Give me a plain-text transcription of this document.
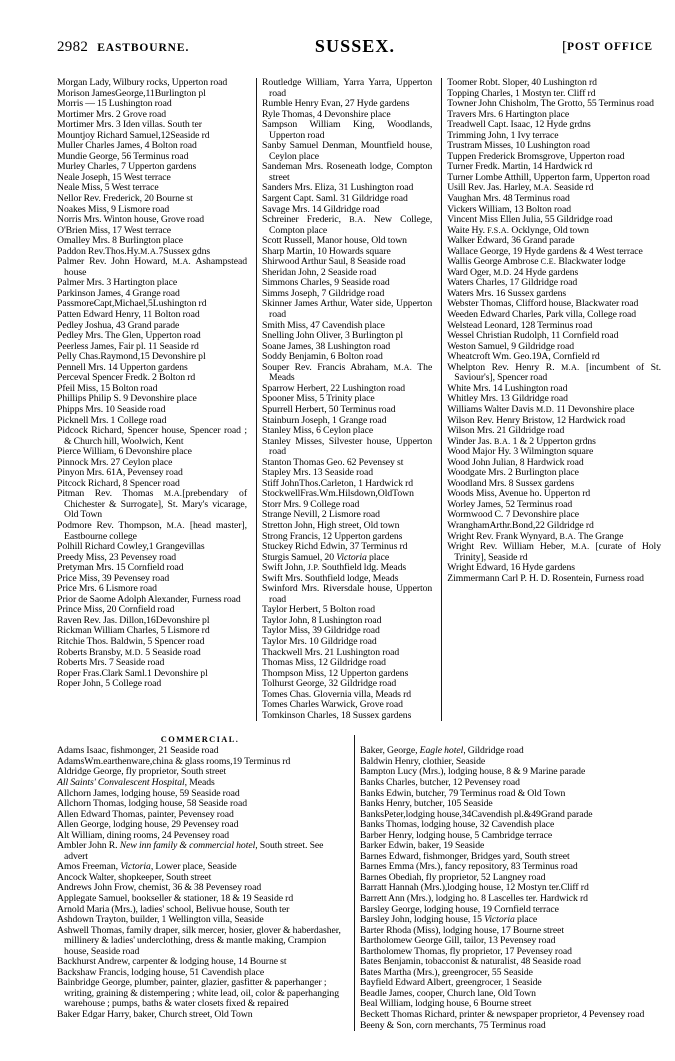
2982 EASTBOURNE.	SUSSEX.	[POST OFFICE
Morgan Lady, Wilbury rocks, Upperton road
Morison JamesGeorge,11Burlington pl
Morris — 15 Lushington road
Mortimer Mrs. 2 Grove road
Mortimer Mrs. 3 Iden villas. South ter
Mountjoy Richard Samuel,12Seaside rd
Muller Charles James, 4 Bolton road
Mundie George, 56 Terminus road
Murley Charles, 7 Upperton gardens
Neale Joseph, 15 West terrace
Neale Miss, 5 West terrace
Nellor Rev. Frederick, 20 Bourne st
Noakes Miss, 9 Lismore road
Norris Mrs. Winton house, Grove road
O'Brien Miss, 17 West terrace
Omalley Mrs. 8 Burlington place
Paddon Rev.Thos.Hy.M.A.7Sussex gdns
Palmer Rev. John Howard, M.A. Ashampstead house
Palmer Mrs. 3 Hartington place
Parkinson James, 4 Grange road
PassmoreCapt,Michael,5Lushington rd
Patten Edward Henry, 11 Bolton road
Pedley Joshua, 43 Grand parade
Pedley Mrs. The Glen, Upperton road
Peerless James, Fair pl. 11 Seaside rd
Pelly Chas.Raymond,15 Devonshire pl
Pennell Mrs. 14 Upperton gardens
Perceval Spencer Fredk. 2 Bolton rd
Pfeil Miss, 15 Bolton road
Phillips Philip S. 9 Devonshire place
Phipps Mrs. 10 Seaside road
Picknell Mrs. 1 College road
Pidcock Richard, Spencer house, Spencer road ; & Church hill, Woolwich, Kent
Pierce William, 6 Devonshire place
Pinnock Mrs. 27 Ceylon place
Pinyon Mrs. 61A, Pevensey road
Pitcock Richard, 8 Spencer road
Pitman Rev. Thomas M.A.[prebendary of Chichester & Surrogate], St. Mary's vicarage, Old Town
Podmore Rev. Thompson, M.A. [head master], Eastbourne college
Polhill Richard Cowley,1 Grangevillas
Preedy Miss, 23 Pevensey road
Pretyman Mrs. 15 Cornfield road
Price Miss, 39 Pevensey road
Price Mrs. 6 Lismore road
Prior de Saome Adolph Alexander, Furness road
Prince Miss, 20 Cornfield road
Raven Rev. Jas. Dillon,16Devonshire pl
Rickman William Charles, 5 Lismore rd
Ritchie Thos. Baldwin, 5 Spencer road
Roberts Bransby, M.D. 5 Seaside road
Roberts Mrs. 7 Seaside road
Roper Fras.Clark Saml.1 Devonshire pl
Roper John, 5 College road
Routledge William, Yarra Yarra, Upperton road
Rumble Henry Evan, 27 Hyde gardens
Ryle Thomas, 4 Devonshire place
Sampson William King, Woodlands, Upperton road
Sanby Samuel Denman, Mountfield house, Ceylon place
Sandeman Mrs. Roseneath lodge, Compton street
Sanders Mrs. Eliza, 31 Lushington road
Sargent Capt. Saml. 31 Gildridge road
Savage Mrs. 14 Gildridge road
Schreiner Frederic, B.A. New College, Compton place
Scott Russell, Manor house, Old town
Sharp Martin, 10 Howards square
Shirwood Arthur Saul, 8 Seaside road
Sheridan John, 2 Seaside road
Simmons Charles, 9 Seaside road
Simms Joseph, 7 Gildridge road
Skinner James Arthur, Water side, Upperton road
Smith Miss, 47 Cavendish place
Snelling John Oliver, 3 Burlington pl
Soane James, 38 Lushington road
Soddy Benjamin, 6 Bolton road
Souper Rev. Francis Abraham, M.A. The Meads
Sparrow Herbert, 22 Lushington road
Spooner Miss, 5 Trinity place
Spurrell Herbert, 50 Terminus road
Stainburn Joseph, 1 Grange road
Stanley Miss, 6 Ceylon place
Stanley Misses, Silvester house, Upperton road
Stanton Thomas Geo. 62 Pevensey st
Stapley Mrs. 13 Seaside road
Stiff JohnThos.Carleton, 1 Hardwick rd
StockwellFras.Wm.Hilsdown,OldTown
Storr Mrs. 9 College road
Strange Nevill, 2 Lismore road
Stretton John, High street, Old town
Strong Francis, 12 Upperton gardens
Stuckey Richd Edwin, 37 Terminus rd
Sturgis Samuel, 20 Victoria place
Swift John, J.P. Southfield ldg. Meads
Swift Mrs. Southfield lodge, Meads
Swinford Mrs. Riversdale house, Upperton road
Taylor Herbert, 5 Bolton road
Taylor John, 8 Lushington road
Taylor Miss, 39 Gildridge road
Taylor Mrs. 10 Gildridge road
Thackwell Mrs. 21 Lushington road
Thomas Miss, 12 Gildridge road
Thompson Miss, 12 Upperton gardens
Tolhurst George, 32 Gildridge road
Tomes Chas. Glovernia villa, Meads rd
Tomes Charles Warwick, Grove road
Tomkinson Charles, 18 Sussex gardens
Toomer Robt. Sloper, 40 Lushington rd
Topping Charles, 1 Mostyn ter. Cliff rd
Towner John Chisholm, The Grotto, 55 Terminus road
Travers Mrs. 6 Hartington place
Treadwell Capt. Isaac, 12 Hyde grdns
Trimming John, 1 Ivy terrace
Trustram Misses, 10 Lushington road
Tuppen Frederick Bromsgrove, Upperton road
Turner Fredk. Martin, 14 Hardwick rd
Turner Lombe Atthill, Upperton farm, Upperton road
Usill Rev. Jas. Harley, M.A. Seaside rd
Vaughan Mrs. 48 Terminus road
Vickers William, 13 Bolton road
Vincent Miss Ellen Julia, 55 Gildridge road
Waite Hy. F.S.A. Ocklynge, Old town
Walker Edward, 36 Grand parade
Wallace George, 19 Hyde gardens & 4 West terrace
Wallis George Ambrose C.E. Blackwater lodge
Ward Oger, M.D. 24 Hyde gardens
Waters Charles, 17 Gildridge road
Waters Mrs. 16 Sussex gardens
Webster Thomas, Clifford house, Blackwater road
Weeden Edward Charles, Park villa, College road
Welstead Leonard, 128 Terminus road
Wessel Christian Rudolph, 11 Cornfield road
Weston Samuel, 9 Gildridge road
Wheatcroft Wm. Geo.19A, Cornfield rd
Whelpton Rev. Henry R. M.A. [incumbent of St. Saviour's], Spencer road
White Mrs. 14 Lushington road
Whitley Mrs. 13 Gildridge road
Williams Walter Davis M.D. 11 Devonshire place
Wilson Rev. Henry Bristow, 12 Hardwick road
Wilson Mrs. 21 Gildridge road
Winder Jas. B.A. 1 & 2 Upperton grdns
Wood Major Hy. 3 Wilmington square
Wood John Julian, 8 Hardwick road
Woodgate Mrs. 2 Burlington place
Woodland Mrs. 8 Sussex gardens
Woods Miss, Avenue ho. Upperton rd
Worley James, 52 Terminus road
Wormwood C. 7 Devonshire place
WranghamArthr.Bond,22 Gildridge rd
Wright Rev. Frank Wynyard, B.A. The Grange
Wright Rev. William Heber, M.A. [curate of Holy Trinity], Seaside rd
Wright Edward, 16 Hyde gardens
Zimmermann Carl P. H. D. Rosentein, Furness road
COMMERCIAL.
Adams Isaac, fishmonger, 21 Seaside road
AdamsWm.earthenware,china & glass rooms,19 Terminus rd
Aldridge George, fly proprietor, South street
All Saints' Convalescent Hospital, Meads
Allchorn James, lodging house, 59 Seaside road
Allchorn Thomas, lodging house, 58 Seaside road
Allen Edward Thomas, painter, Pevensey road
Allen George, lodging house, 29 Pevensey road
Alt William, dining rooms, 24 Pevensey road
Ambler John R. New inn family & commercial hotel, South street. See advert
Amos Freeman, Victoria, Lower place, Seaside
Ancock Walter, shopkeeper, South street
Andrews John Frow, chemist, 36 & 38 Pevensey road
Applegate Samuel, bookseller & stationer, 18 & 19 Seaside rd
Arnold Maria (Mrs.), ladies' school, Belivue house, South ter
Ashdown Trayton, builder, 1 Wellington villa, Seaside
Ashwell Thomas, family draper, silk mercer, hosier, glover & haberdasher, millinery & ladies' underclothing, dress & mantle making, Crampion house, Seaside road
Backhurst Andrew, carpenter & lodging house, 14 Bourne st
Backshaw Francis, lodging house, 51 Cavendish place
Bainbridge George, plumber, painter, glazier, gasfitter & paperhanger ; writing, graining & distempering ; white lead, oil, color & paperhanging warehouse ; pumps, baths & water closets fixed & repaired
Baker Edgar Harry, baker, Church street, Old Town
Baker, George, Eagle hotel, Gildridge road
Baldwin Henry, clothier, Seaside
Bampton Lucy (Mrs.), lodging house, 8 & 9 Marine parade
Banks Charles, butcher, 12 Pevensey road
Banks Edwin, butcher, 79 Terminus road & Old Town
Banks Henry, butcher, 105 Seaside
BanksPeter,lodging house,34Cavendish pl.&49Grand parade
Banks Thomas, lodging house, 32 Cavendish place
Barber Henry, lodging house, 5 Cambridge terrace
Barker Edwin, baker, 19 Seaside
Barnes Edward, fishmonger, Bridges yard, South street
Barnes Emma (Mrs.), fancy repository, 83 Terminus road
Barnes Obediah, fly proprietor, 52 Langney road
Barratt Hannah (Mrs.),lodging house, 12 Mostyn ter.Cliff rd
Barrett Ann (Mrs.), lodging ho. 8 Lascelles ter. Hardwick rd
Barsley George, lodging house, 19 Cornfield terrace
Barsley John, lodging house, 15 Victoria place
Barter Rhoda (Miss), lodging house, 17 Bourne street
Bartholomew George Gill, tailor, 13 Pevensey road
Bartholomew Thomas, fly proprietor, 17 Pevensey road
Bates Benjamin, tobacconist & naturalist, 48 Seaside road
Bates Martha (Mrs.), greengrocer, 55 Seaside
Bayfield Edward Albert, greengrocer, 1 Seaside
Beadle James, cooper, Church lane, Old Town
Beal William, lodging house, 6 Bourne street
Beckett Thomas Richard, printer & newspaper proprietor, 4 Pevensey road
Beeny & Son, corn merchants, 75 Terminus road
